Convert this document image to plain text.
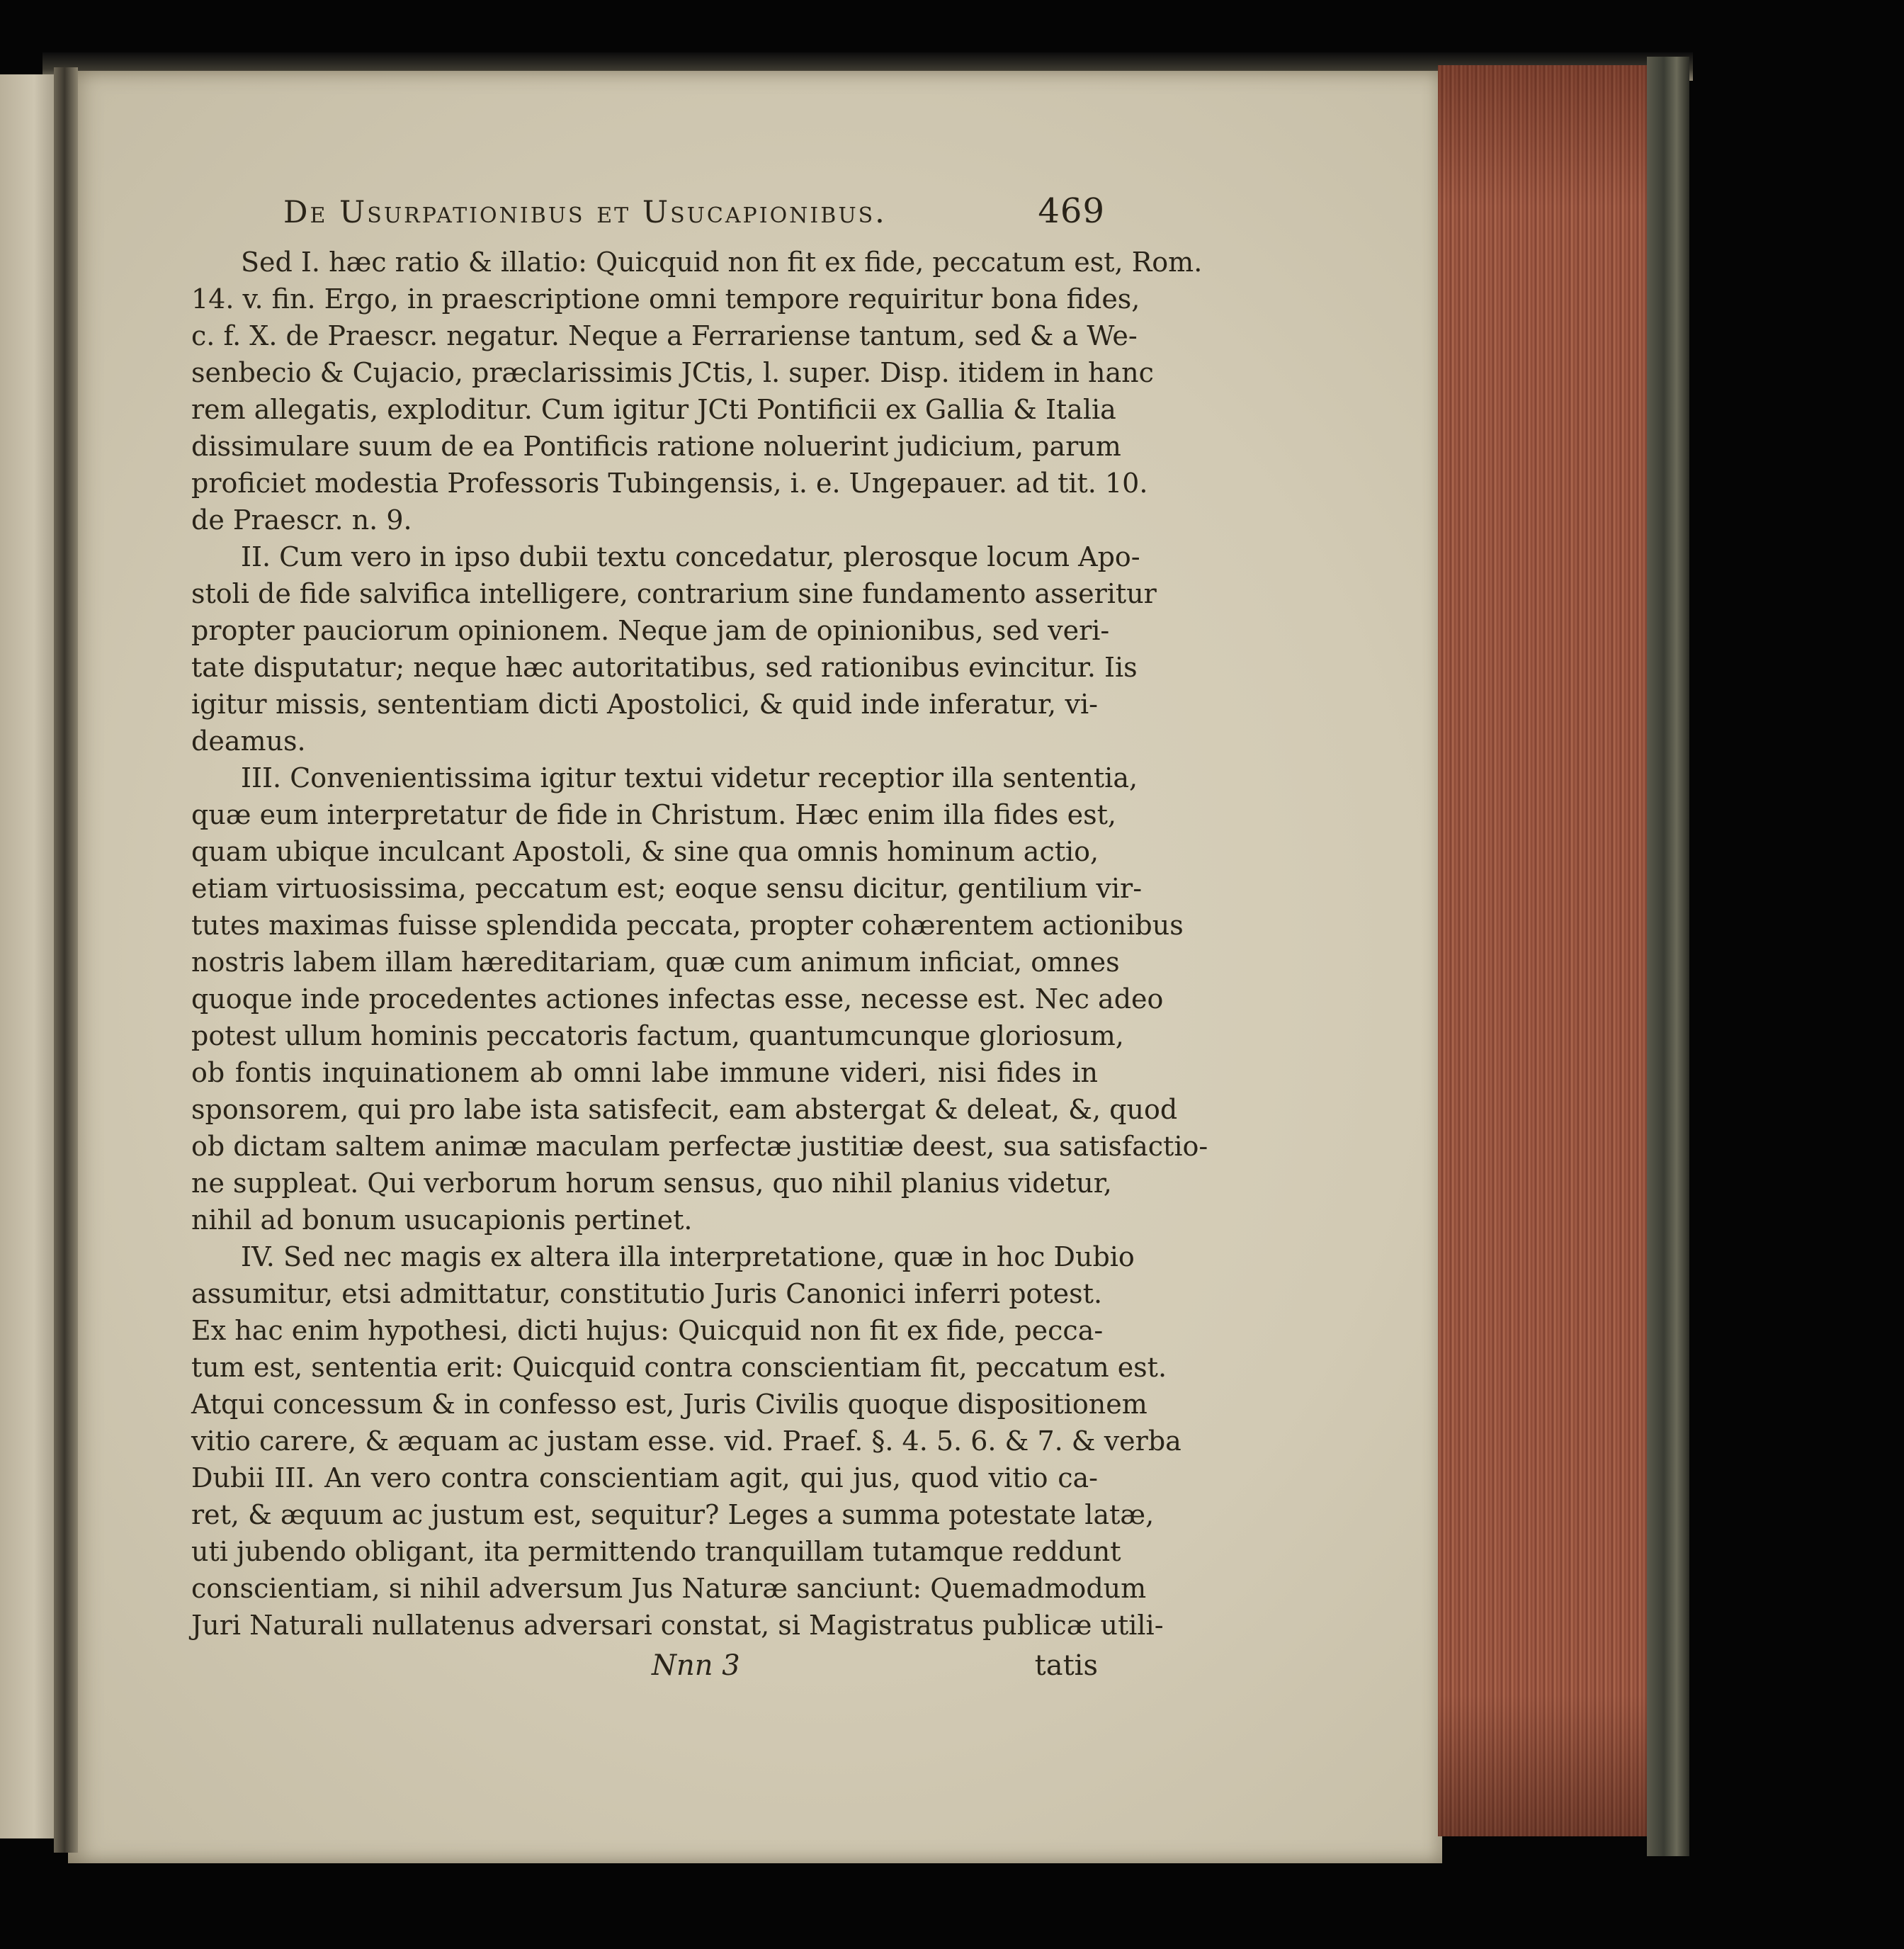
De Usurpationibus et Usucapionibus.	469
Sed I. hæc ratio & illatio: Quicquid non fit ex fide, peccatum est, Rom.
14. v. fin. Ergo, in praescriptione omni tempore requiritur bona fides,
c. f. X. de Praescr. negatur. Neque a Ferrariense tantum, sed & a We-
senbecio & Cujacio, præclarissimis JCtis, l. super. Disp. itidem in hanc
rem allegatis, exploditur. Cum igitur JCti Pontificii ex Gallia & Italia
dissimulare suum de ea Pontificis ratione noluerint judicium, parum
proficiet modestia Professoris Tubingensis, i. e. Ungepauer. ad tit. 10.
de Praescr. n. 9.
II. Cum vero in ipso dubii textu concedatur, plerosque locum Apo-
stoli de fide salvifica intelligere, contrarium sine fundamento asseritur
propter pauciorum opinionem. Neque jam de opinionibus, sed veri-
tate disputatur; neque hæc autoritatibus, sed rationibus evincitur. Iis
igitur missis, sententiam dicti Apostolici, & quid inde inferatur, vi-
deamus.
III. Convenientissima igitur textui videtur receptior illa sententia,
quæ eum interpretatur de fide in Christum. Hæc enim illa fides est,
quam ubique inculcant Apostoli, & sine qua omnis hominum actio,
etiam virtuosissima, peccatum est; eoque sensu dicitur, gentilium vir-
tutes maximas fuisse splendida peccata, propter cohærentem actionibus
nostris labem illam hæreditariam, quæ cum animum inficiat, omnes
quoque inde procedentes actiones infectas esse, necesse est. Nec adeo
potest ullum hominis peccatoris factum, quantumcunque gloriosum,
ob fontis inquinationem ab omni labe immune videri, nisi fides in
sponsorem, qui pro labe ista satisfecit, eam abstergat & deleat, &, quod
ob dictam saltem animæ maculam perfectæ justitiæ deest, sua satisfactio-
ne suppleat. Qui verborum horum sensus, quo nihil planius videtur,
nihil ad bonum usucapionis pertinet.
IV. Sed nec magis ex altera illa interpretatione, quæ in hoc Dubio
assumitur, etsi admittatur, constitutio Juris Canonici inferri potest.
Ex hac enim hypothesi, dicti hujus: Quicquid non fit ex fide, pecca-
tum est, sententia erit: Quicquid contra conscientiam fit, peccatum est.
Atqui concessum & in confesso est, Juris Civilis quoque dispositionem
vitio carere, & æquam ac justam esse. vid. Praef. §. 4. 5. 6. & 7. & verba
Dubii III. An vero contra conscientiam agit, qui jus, quod vitio ca-
ret, & æquum ac justum est, sequitur? Leges a summa potestate latæ,
uti jubendo obligant, ita permittendo tranquillam tutamque reddunt
conscientiam, si nihil adversum Jus Naturæ sanciunt: Quemadmodum
Juri Naturali nullatenus adversari constat, si Magistratus publicæ utili-
Nnn 3	tatis
